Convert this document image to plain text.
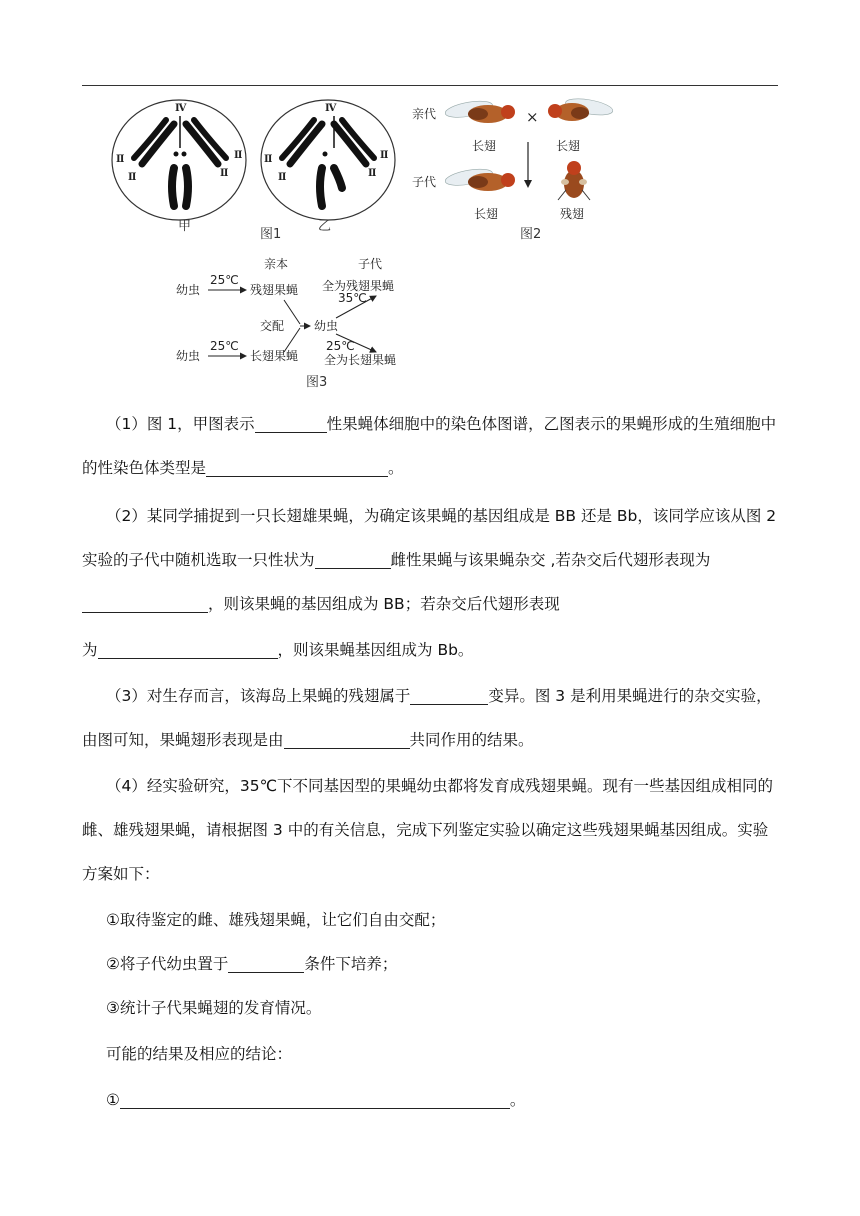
Ⅳ
Ⅱ
Ⅱ
Ⅱ
Ⅱ
甲
Ⅳ
Ⅱ
Ⅱ
Ⅱ
Ⅱ
乙
图1
亲代
子代
×
长翅	长翅
长翅	残翅
图2
亲本	子代
幼虫
25℃
残翅果蝇
交配 幼虫
35℃
25℃
全为残翅果蝇
全为长翅果蝇
幼虫
25℃
长翅果蝇
图3

（1）图 1，甲图表示	性果蝇体细胞中的染色体图谱，乙图表示的果蝇形成的生殖细胞中的性染色体类型是	。

（2）某同学捕捉到一只长翅雄果蝇，为确定该果蝇的基因组成是 BB 还是 Bb，该同学应该从图 2 实验的子代中随机选取一只性状为	雌性果蝇与该果蝇杂交 ,若杂交后代翅形表现为，则该果蝇的基因组成为 BB；若杂交后代翅形表现

为	，则该果蝇基因组成为 Bb。

（3）对生存而言，该海岛上果蝇的残翅属于	变异。图 3 是利用果蝇进行的杂交实验，由图可知，果蝇翅形表现是由	共同作用的结果。

（4）经实验研究，35℃下不同基因型的果蝇幼虫都将发育成残翅果蝇。现有一些基因组成相同的雌、雄残翅果蝇，请根据图 3 中的有关信息，完成下列鉴定实验以确定这些残翅果蝇基因组成。实验方案如下：

①取待鉴定的雌、雄残翅果蝇，让它们自由交配；

②将子代幼虫置于	条件下培养；

③统计子代果蝇翅的发育情况。

可能的结果及相应的结论：

①	。
